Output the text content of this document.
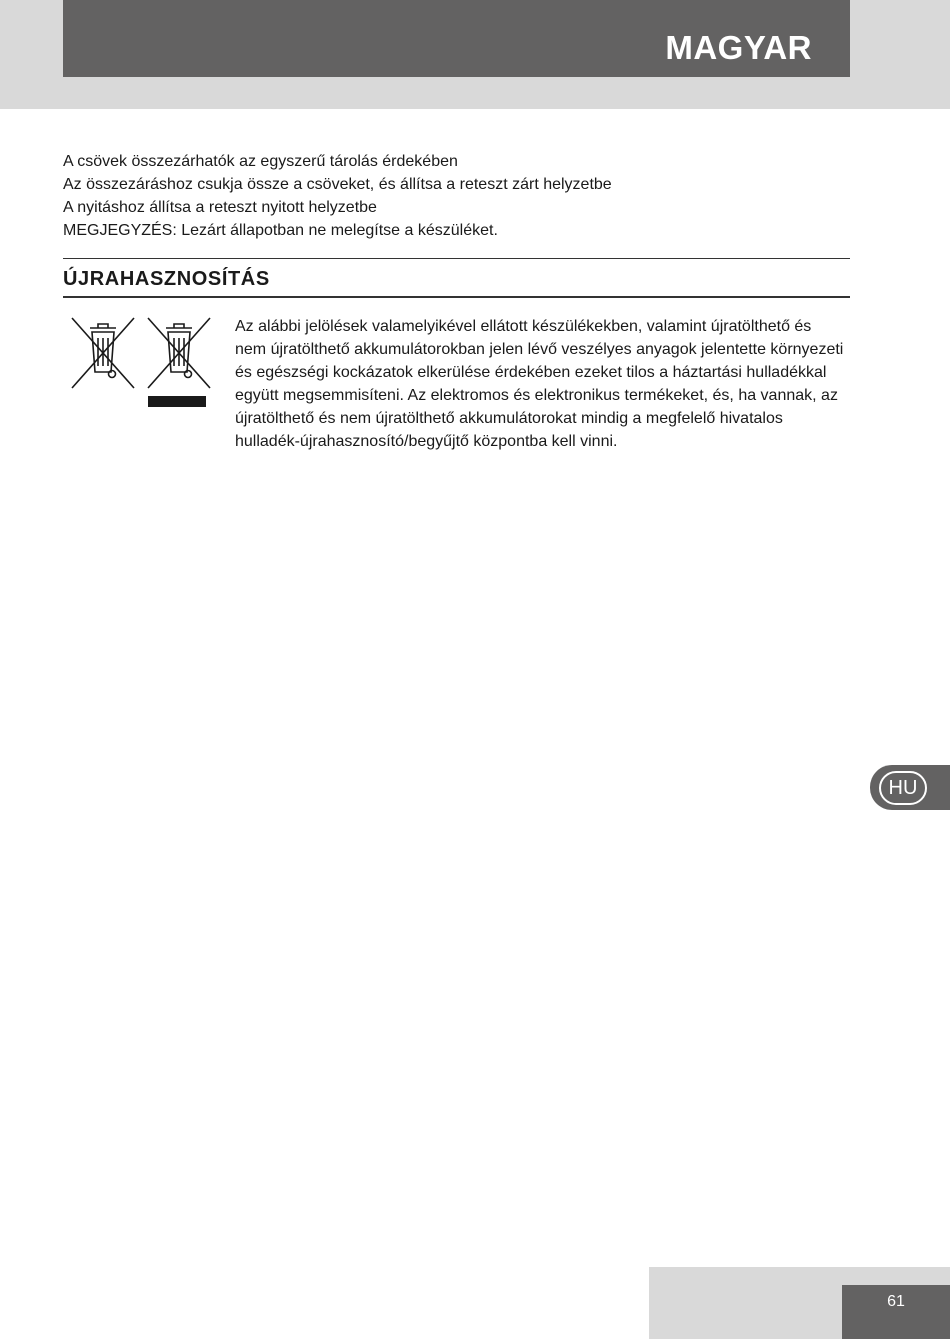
MAGYAR

A csövek összezárhatók az egyszerű tárolás érdekében

Az összezáráshoz csukja össze a csöveket, és állítsa a reteszt zárt helyzetbe

A nyitáshoz állítsa a reteszt nyitott helyzetbe

MEGJEGYZÉS: Lezárt állapotban ne melegítse a készüléket.

ÚJRAHASZNOSÍTÁS
Az alábbi jelölések valamelyikével ellátott készülékekben, valamint újratölthető és nem újratölthető akkumulátorokban jelen lévő veszélyes anyagok jelentette környezeti és egészségi kockázatok elkerülése érdekében ezeket tilos a háztartási hulladékkal együtt megsemmisíteni. Az elektromos és elektronikus termékeket, és, ha vannak, az újratölthető és nem újratölthető akkumulátorokat mindig a megfelelő hivatalos hulladék-újrahasznosító/begyűjtő központba kell vinni.
HU
61
